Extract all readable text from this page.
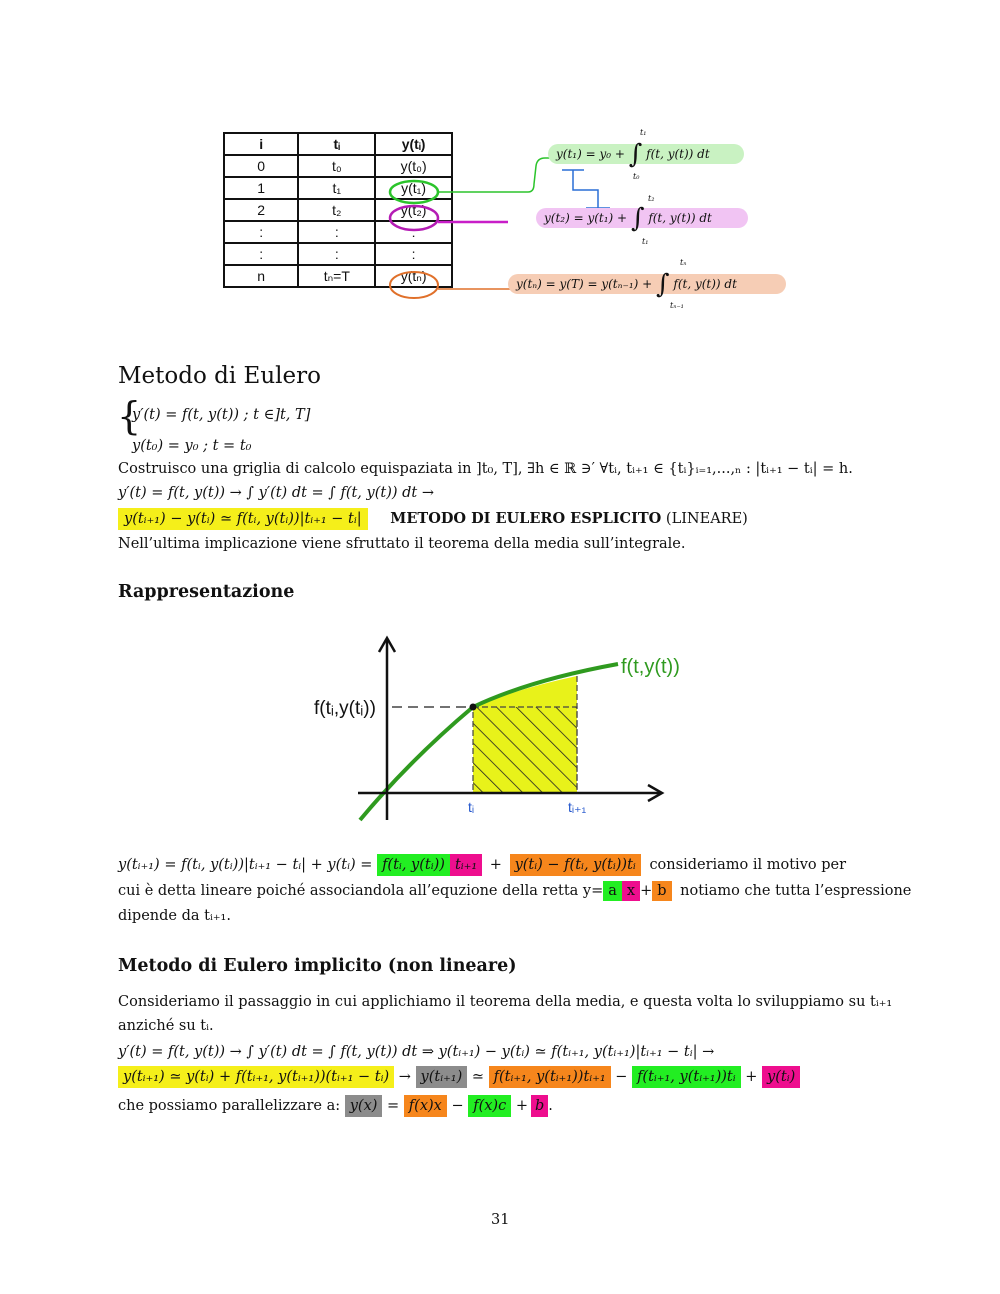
i	tᵢ	y(tᵢ)
0	t₀	y(t₀)
1	t₁	y(t₁)
2	t₂	y(t₂)
:	:	:
:	:	:
n	tₙ=T	y(tₙ)
y(t₁) = y₀ + ∫ f(t, y(t)) dt
t₁
t₀
y(t₂) = y(t₁) + ∫ f(t, y(t)) dt
t₂
t₁
y(tₙ) = y(T) = y(tₙ₋₁) + ∫ f(t, y(t)) dt
tₙ
tₙ₋₁
Metodo di Eulero
{
y′(t) = f(t, y(t)) ; t ∈]t, T]
y(t₀) = y₀ ; t = t₀
Costruisco una griglia di calcolo equispaziata in ]t₀, T], ∃h ∈ ℝ ∋′ ∀tᵢ, tᵢ₊₁ ∈ {tᵢ}ᵢ₌₁,...,ₙ : |tᵢ₊₁ − tᵢ| = h.
y′(t) = f(t, y(t)) → ∫ y′(t) dt = ∫ f(t, y(t)) dt →
y(tᵢ₊₁) − y(tᵢ) ≃ f(tᵢ, y(tᵢ))|tᵢ₊₁ − tᵢ| METODO DI EULERO ESPLICITO (LINEARE)
Nell’ultima implicazione viene sfruttato il teorema della media sull’integrale.
Rappresentazione
f(t,y(t))
f(tᵢ,y(tᵢ))
tᵢ	tᵢ₊₁
y(tᵢ₊₁) = f(tᵢ, y(tᵢ))|tᵢ₊₁ − tᵢ| + y(tᵢ) = f(tᵢ, y(tᵢ)) tᵢ₊₁ + y(tᵢ) − f(tᵢ, y(tᵢ))tᵢ consideriamo il motivo per
cui è detta lineare poiché associandola all’equzione della retta y= a x + b notiamo che tutta l’espressione
dipende da tᵢ₊₁.
Metodo di Eulero implicito (non lineare)
Consideriamo il passaggio in cui applichiamo il teorema della media, e questa volta lo sviluppiamo su tᵢ₊₁
anziché su tᵢ.
y′(t) = f(t, y(t)) → ∫ y′(t) dt = ∫ f(t, y(t)) dt ⇒ y(tᵢ₊₁) − y(tᵢ) ≃ f(tᵢ₊₁, y(tᵢ₊₁)|tᵢ₊₁ − tᵢ| →
y(tᵢ₊₁) ≃ y(tᵢ) + f(tᵢ₊₁, y(tᵢ₊₁))(tᵢ₊₁ − tᵢ) → y(tᵢ₊₁) ≃ f(tᵢ₊₁, y(tᵢ₊₁))tᵢ₊₁ − f(tᵢ₊₁, y(tᵢ₊₁))tᵢ + y(tᵢ)
che possiamo parallelizzare a: y(x) = f(x)x − f(x)c + b .
31
